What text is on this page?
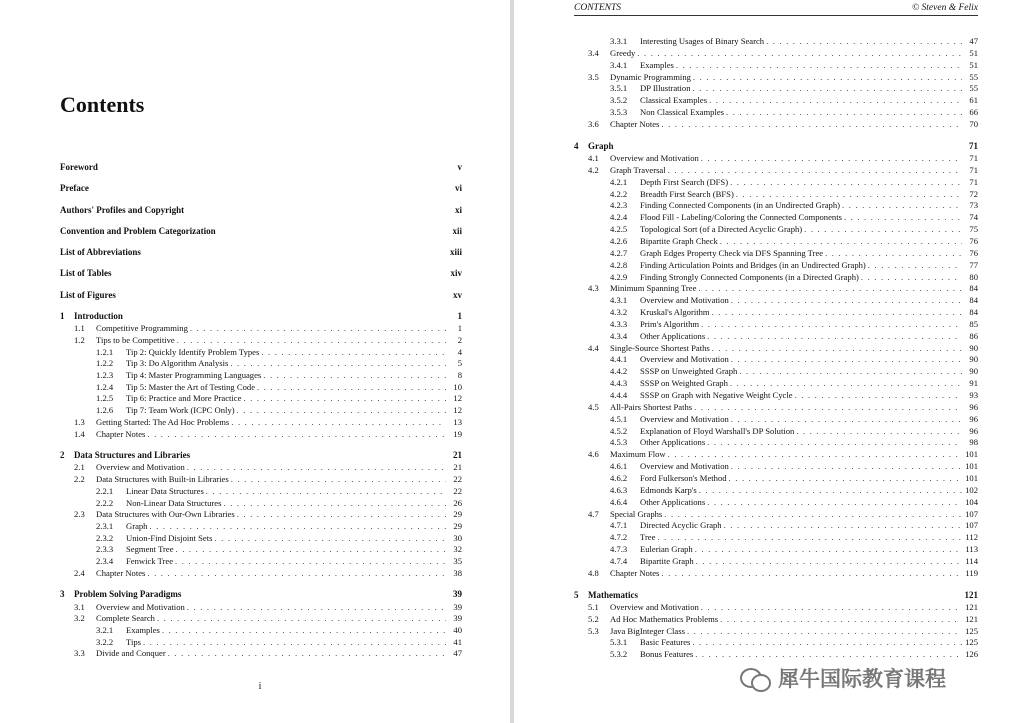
Contents
Foreword	v
Preface	vi
Authors' Profiles and Copyright	xi
Convention and Problem Categorization	xii
List of Abbreviations	xiii
List of Tables	xiv
List of Figures	xv
1	Introduction	1
1.1	Competitive Programming . . .	1
1.2	Tips to be Competitive . . .	2
1.2.1	Tip 2: Quickly Identify Problem Types . . .	4
1.2.2	Tip 3: Do Algorithm Analysis . . .	5
1.2.3	Tip 4: Master Programming Languages . . .	8
1.2.4	Tip 5: Master the Art of Testing Code . . .	10
1.2.5	Tip 6: Practice and More Practice . . .	12
1.2.6	Tip 7: Team Work (ICPC Only) . . .	12
1.3	Getting Started: The Ad Hoc Problems . . .	13
1.4	Chapter Notes . . .	19
2	Data Structures and Libraries	21
2.1	Overview and Motivation . . .	21
2.2	Data Structures with Built-in Libraries . . .	22
2.2.1	Linear Data Structures . . .	22
2.2.2	Non-Linear Data Structures . . .	26
2.3	Data Structures with Our-Own Libraries . . .	29
2.3.1	Graph . . .	29
2.3.2	Union-Find Disjoint Sets . . .	30
2.3.3	Segment Tree . . .	32
2.3.4	Fenwick Tree . . .	35
2.4	Chapter Notes . . .	38
3	Problem Solving Paradigms	39
3.1	Overview and Motivation . . .	39
3.2	Complete Search . . .	39
3.2.1	Examples . . .	40
3.2.2	Tips . . .	41
3.3	Divide and Conquer . . .	47
i
CONTENTS	© Steven & Felix
3.3.1	Interesting Usages of Binary Search . . .	47
3.4	Greedy . . .	51
3.4.1	Examples . . .	51
3.5	Dynamic Programming . . .	55
3.5.1	DP Illustration . . .	55
3.5.2	Classical Examples . . .	61
3.5.3	Non Classical Examples . . .	66
3.6	Chapter Notes . . .	70
4	Graph	71
4.1	Overview and Motivation . . .	71
4.2	Graph Traversal . . .	71
4.2.1	Depth First Search (DFS) . . .	71
4.2.2	Breadth First Search (BFS) . . .	72
4.2.3	Finding Connected Components (in an Undirected Graph) . . .	73
4.2.4	Flood Fill - Labeling/Coloring the Connected Components . . .	74
4.2.5	Topological Sort (of a Directed Acyclic Graph) . . .	75
4.2.6	Bipartite Graph Check . . .	76
4.2.7	Graph Edges Property Check via DFS Spanning Tree . . .	76
4.2.8	Finding Articulation Points and Bridges (in an Undirected Graph) . . .	77
4.2.9	Finding Strongly Connected Components (in a Directed Graph) . . .	80
4.3	Minimum Spanning Tree . . .	84
4.3.1	Overview and Motivation . . .	84
4.3.2	Kruskal's Algorithm . . .	84
4.3.3	Prim's Algorithm . . .	85
4.3.4	Other Applications . . .	86
4.4	Single-Source Shortest Paths . . .	90
4.4.1	Overview and Motivation . . .	90
4.4.2	SSSP on Unweighted Graph . . .	90
4.4.3	SSSP on Weighted Graph . . .	91
4.4.4	SSSP on Graph with Negative Weight Cycle . . .	93
4.5	All-Pairs Shortest Paths . . .	96
4.5.1	Overview and Motivation . . .	96
4.5.2	Explanation of Floyd Warshall's DP Solution . . .	96
4.5.3	Other Applications . . .	98
4.6	Maximum Flow . . .	101
4.6.1	Overview and Motivation . . .	101
4.6.2	Ford Fulkerson's Method . . .	101
4.6.3	Edmonds Karp's . . .	102
4.6.4	Other Applications . . .	104
4.7	Special Graphs . . .	107
4.7.1	Directed Acyclic Graph . . .	107
4.7.2	Tree . . .	112
4.7.3	Eulerian Graph . . .	113
4.7.4	Bipartite Graph . . .	114
4.8	Chapter Notes . . .	119
5	Mathematics	121
5.1	Overview and Motivation . . .	121
5.2	Ad Hoc Mathematics Problems . . .	121
5.3	Java BigInteger Class . . .	125
5.3.1	Basic Features . . .	125
5.3.2	Bonus Features . . .	126
犀牛国际教育课程
